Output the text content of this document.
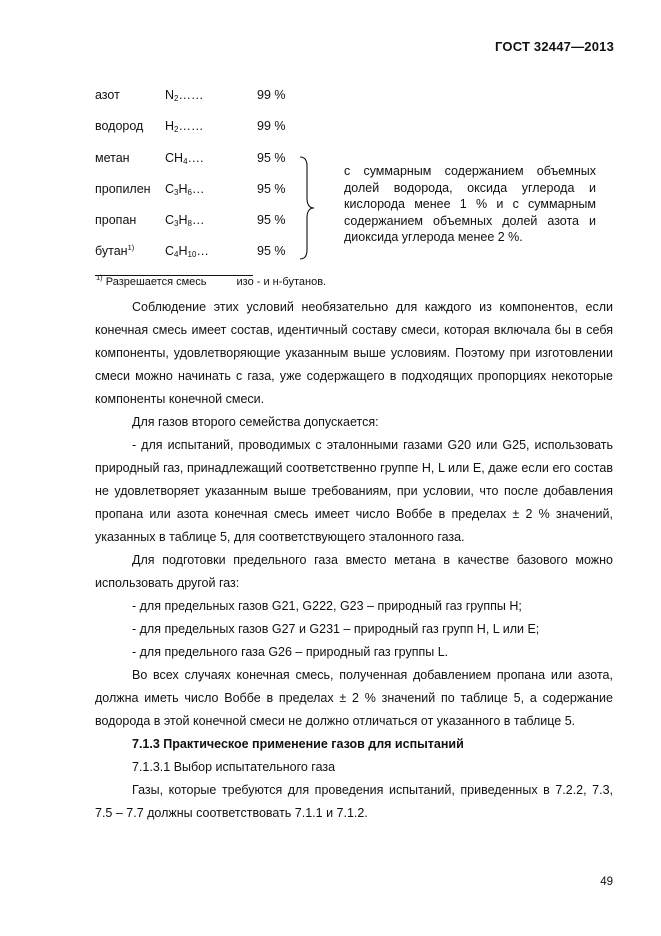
ГОСТ 32447—2013
азот	$N_2\dots\dots$	99 %
водород $H_2\dots\dots$	99 %
метан	$CH_4\dots$.	95 %
пропилен $C_3H_6\dots$	95 %
пропан $C_3H_8\dots$	95 %
бутан$^{1)}$ $C_4H_{10}\dots$	95 %
с суммарным содержанием объемных долей водорода, оксида углерода и кислорода менее 1 % и с суммарным содержанием объемных долей азота и диоксида углерода менее 2 %.
$^{1)}$ Разрешается смесь	изо - и н-бутанов.

Соблюдение этих условий необязательно для каждого из компонентов, если конечная смесь имеет состав, идентичный составу смеси, которая включала бы в себя компоненты, удовлетворяющие указанным выше условиям. Поэтому при изготовлении смеси можно начинать с газа, уже содержащего в подходящих пропорциях некоторые компоненты конечной смеси.

Для газов второго семейства допускается:

- для испытаний, проводимых с эталонными газами G20 или G25, использовать природный газ, принадлежащий соответственно группе H, L или E, даже если его состав не удовлетворяет указанным выше требованиям, при условии, что после добавления пропана или азота конечная смесь имеет число Воббе в пределах ± 2 % значений, указанных в таблице 5, для соответствующего эталонного газа.

Для подготовки предельного газа вместо метана в качестве базового можно использовать другой газ:

- для предельных газов G21, G222, G23 – природный газ группы H;

- для предельных газов G27 и G231 – природный газ групп H, L или E;

- для предельного газа G26 – природный газ группы L.

Во всех случаях конечная смесь, полученная добавлением пропана или азота, должна иметь число Воббе в пределах ± 2 % значений по таблице 5, а содержание водорода в этой конечной смеси не должно отличаться от указанного в таблице 5.

7.1.3 Практическое применение газов для испытаний

7.1.3.1 Выбор испытательного газа

Газы, которые требуются для проведения испытаний, приведенных в 7.2.2, 7.3, 7.5 – 7.7 должны соответствовать 7.1.1 и 7.1.2.

49
